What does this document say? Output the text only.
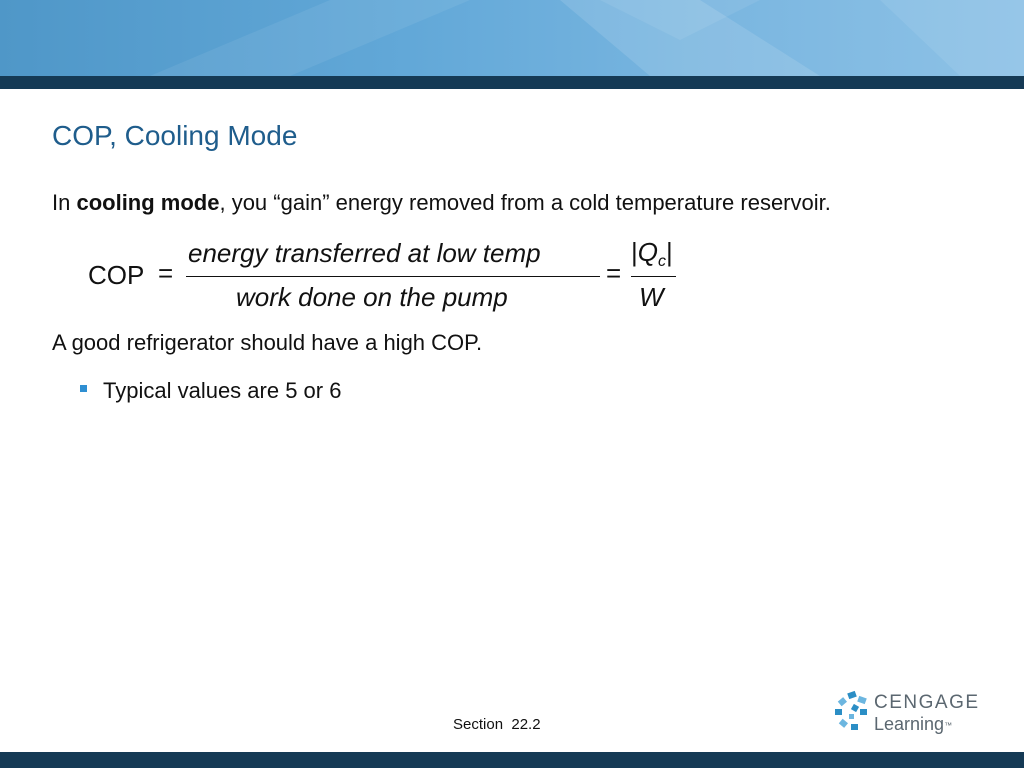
COP, Cooling Mode
In cooling mode, you “gain” energy removed from a cold temperature reservoir.
COP =
energy transferred at low temp
work done on the pump
=
|Qc|
W
A good refrigerator should have a high COP.
Typical values are 5 or 6
Section  22.2
CENGAGE
Learning™
